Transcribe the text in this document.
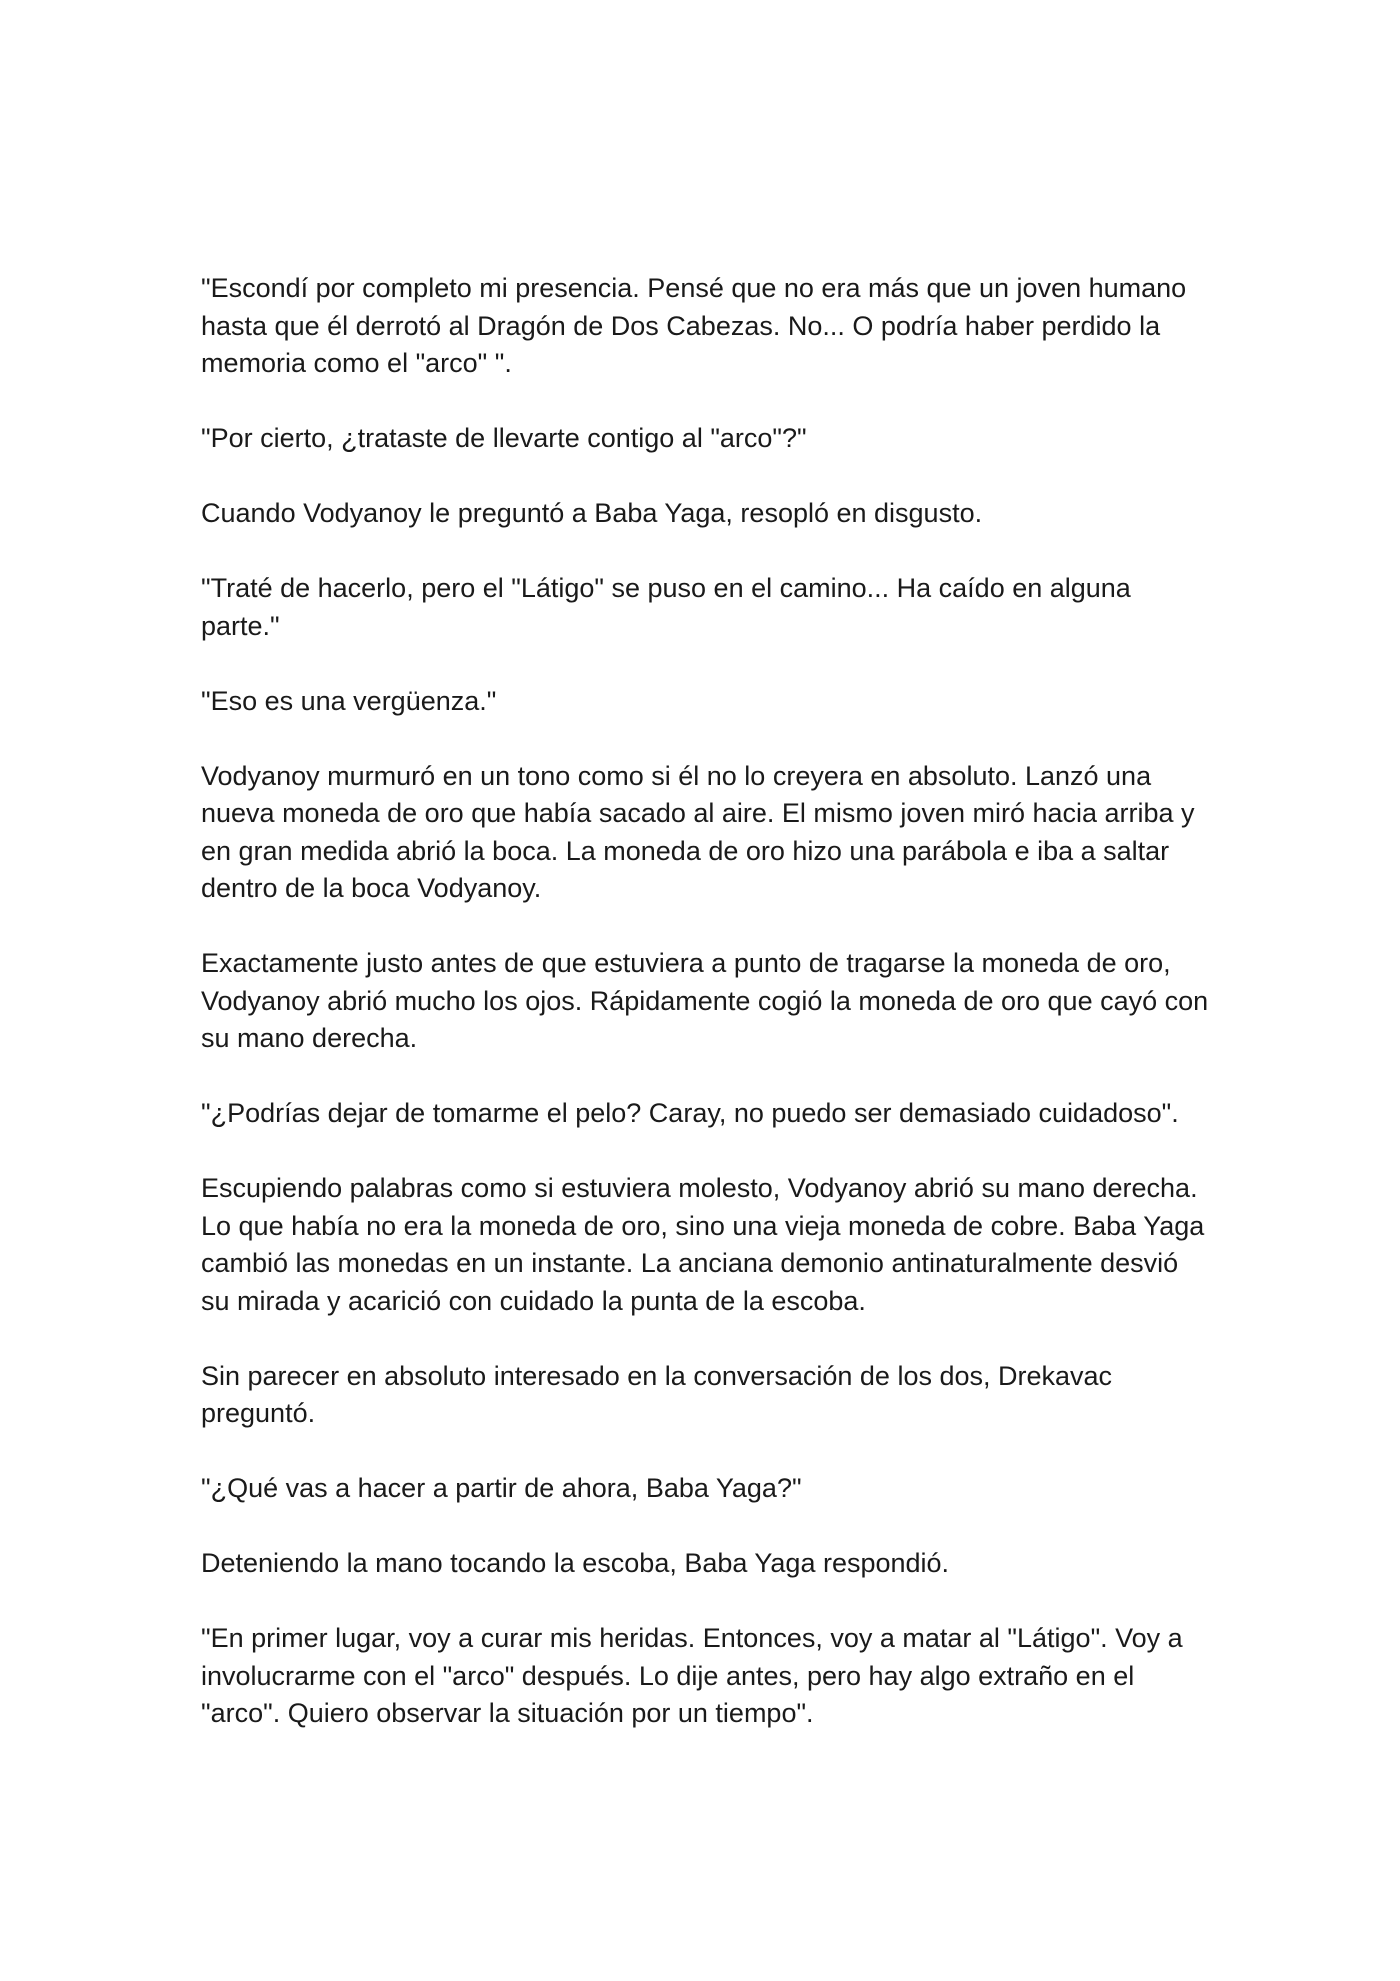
"Escondí por completo mi presencia. Pensé que no era más que un joven humano hasta que él derrotó al Dragón de Dos Cabezas. No... O podría haber perdido la memoria como el "arco" ".

"Por cierto, ¿trataste de llevarte contigo al "arco"?"

Cuando Vodyanoy le preguntó a Baba Yaga, resopló en disgusto.

"Traté de hacerlo, pero el "Látigo" se puso en el camino... Ha caído en alguna parte."

"Eso es una vergüenza."

Vodyanoy murmuró en un tono como si él no lo creyera en absoluto. Lanzó una nueva moneda de oro que había sacado al aire. El mismo joven miró hacia arriba y en gran medida abrió la boca. La moneda de oro hizo una parábola e iba a saltar dentro de la boca Vodyanoy.

Exactamente justo antes de que estuviera a punto de tragarse la moneda de oro, Vodyanoy abrió mucho los ojos. Rápidamente cogió la moneda de oro que cayó con su mano derecha.

"¿Podrías dejar de tomarme el pelo? Caray, no puedo ser demasiado cuidadoso".

Escupiendo palabras como si estuviera molesto, Vodyanoy abrió su mano derecha. Lo que había no era la moneda de oro, sino una vieja moneda de cobre. Baba Yaga cambió las monedas en un instante. La anciana demonio antinaturalmente desvió su mirada y acarició con cuidado la punta de la escoba.

Sin parecer en absoluto interesado en la conversación de los dos, Drekavac preguntó.

"¿Qué vas a hacer a partir de ahora, Baba Yaga?"

Deteniendo la mano tocando la escoba, Baba Yaga respondió.

"En primer lugar, voy a curar mis heridas. Entonces, voy a matar al "Látigo". Voy a involucrarme con el "arco" después. Lo dije antes, pero hay algo extraño en el "arco". Quiero observar la situación por un tiempo".
